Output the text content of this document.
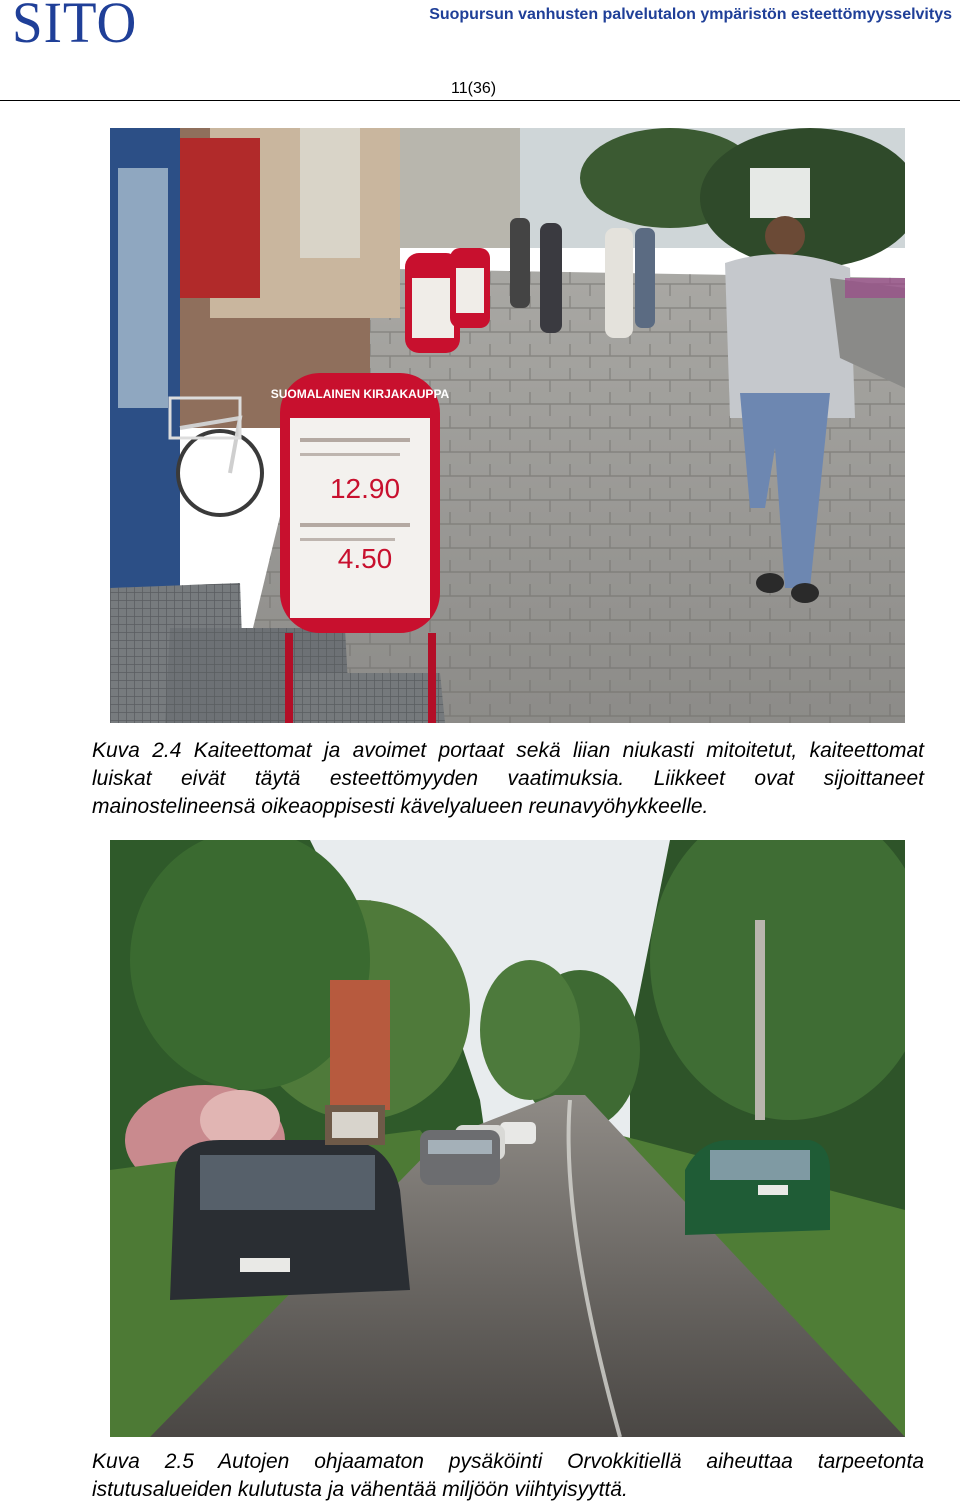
SITO	Suopursun vanhusten palvelutalon ympäristön esteettömyysselvitys
11(36)
SUOMALAINEN KIRJAKAUPPA
12.90
4.50
Kuva 2.4 Kaiteettomat ja avoimet portaat sekä liian niukasti mitoitetut, kaiteettomat luiskat eivät täytä esteettömyyden vaatimuksia. Liikkeet ovat sijoittaneet mainostelineensä oikeaoppisesti kävelyalueen reunavyöhykkeelle.
Kuva 2.5 Autojen ohjaamaton pysäköinti Orvokkitiellä aiheuttaa tarpeetonta istutusalueiden kulutusta ja vähentää miljöön viihtyisyyttä.
